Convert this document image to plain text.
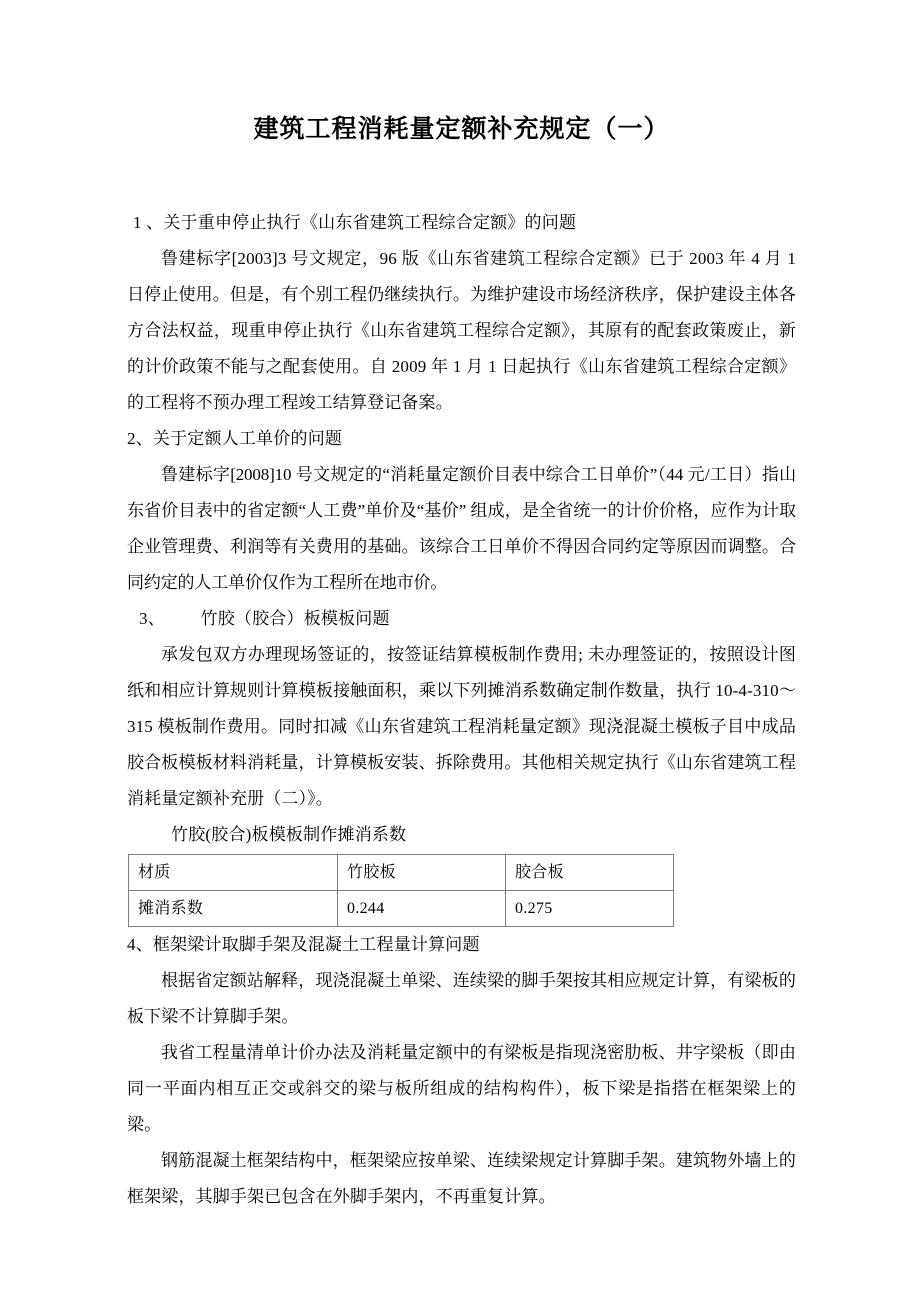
建筑工程消耗量定额补充规定（一）
1 、关于重申停止执行《山东省建筑工程综合定额》的问题

鲁建标字[2003]3 号文规定，96 版《山东省建筑工程综合定额》已于 2003 年 4 月 1 日停止使用。但是，有个别工程仍继续执行。为维护建设市场经济秩序，保护建设主体各方合法权益，现重申停止执行《山东省建筑工程综合定额》，其原有的配套政策废止，新的计价政策不能与之配套使用。自 2009 年 1 月 1 日起执行《山东省建筑工程综合定额》的工程将不预办理工程竣工结算登记备案。

2、关于定额人工单价的问题

鲁建标字[2008]10 号文规定的“消耗量定额价目表中综合工日单价”（44 元/工日）指山东省价目表中的省定额“人工费”单价及“基价” 组成，是全省统一的计价价格，应作为计取企业管理费、利润等有关费用的基础。该综合工日单价不得因合同约定等原因而调整。合同约定的人工单价仅作为工程所在地市价。

3、        竹胶（胶合）板模板问题

承发包双方办理现场签证的，按签证结算模板制作费用; 未办理签证的，按照设计图纸和相应计算规则计算模板接触面积，乘以下列摊消系数确定制作数量，执行 10-4-310～315 模板制作费用。同时扣减《山东省建筑工程消耗量定额》现浇混凝土模板子目中成品胶合板模板材料消耗量，计算模板安装、拆除费用。其他相关规定执行《山东省建筑工程消耗量定额补充册（二）》。

竹胶(胶合)板模板制作摊消系数
材质	竹胶板	胶合板
摊消系数	0.244	0.275
4、框架梁计取脚手架及混凝土工程量计算问题

根据省定额站解释，现浇混凝土单梁、连续梁的脚手架按其相应规定计算，有梁板的板下梁不计算脚手架。

我省工程量清单计价办法及消耗量定额中的有梁板是指现浇密肋板、井字梁板（即由同一平面内相互正交或斜交的梁与板所组成的结构构件），板下梁是指搭在框架梁上的梁。

钢筋混凝土框架结构中，框架梁应按单梁、连续梁规定计算脚手架。建筑物外墙上的框架梁，其脚手架已包含在外脚手架内，不再重复计算。
